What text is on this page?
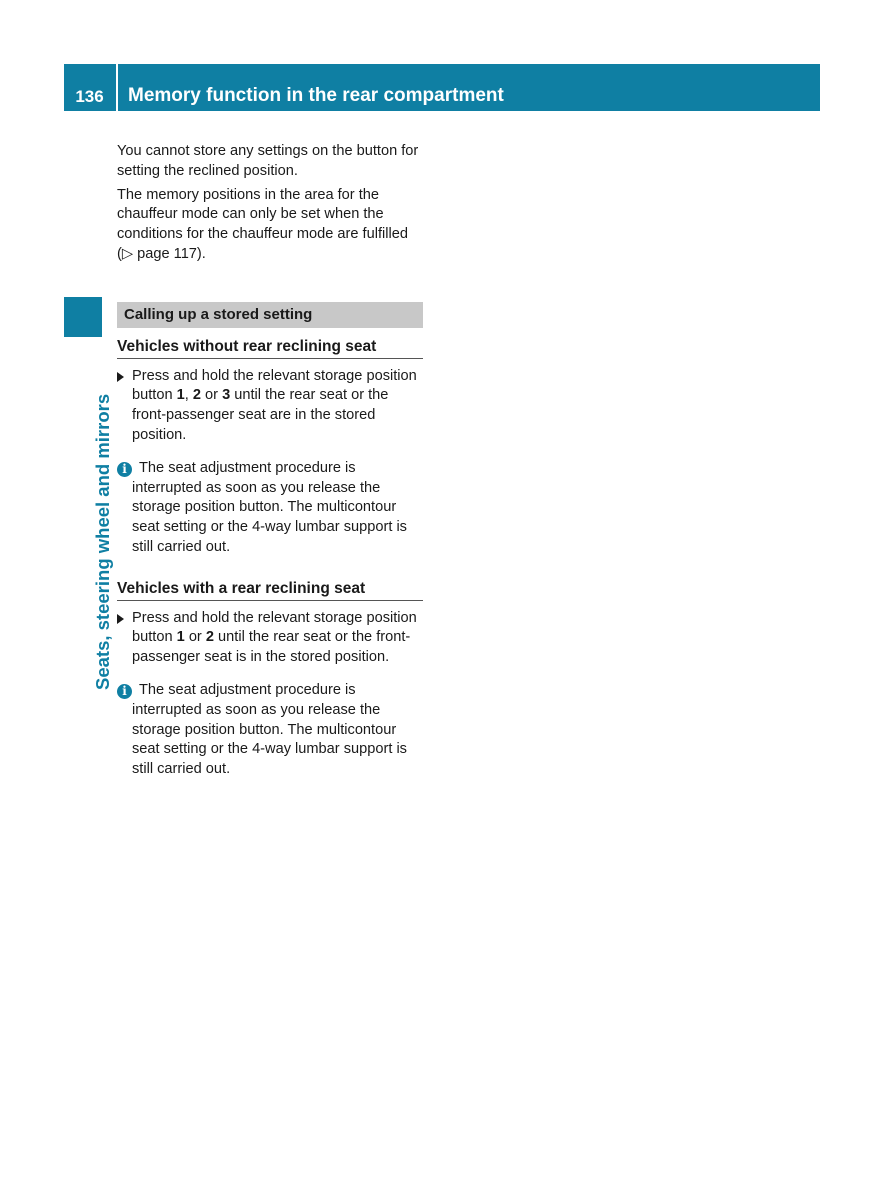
136	Memory function in the rear compartment
Seats, steering wheel and mirrors

You cannot store any settings on the button for setting the reclined position.

The memory positions in the area for the chauffeur mode can only be set when the conditions for the chauffeur mode are fulfilled (▷ page 117).

Calling up a stored setting
Vehicles without rear reclining seat
Press and hold the relevant storage position button 1, 2 or 3 until the rear seat or the front-passenger seat are in the stored position.
i The seat adjustment procedure is interrupted as soon as you release the storage position button. The multicontour seat setting or the 4-way lumbar support is still carried out.
Vehicles with a rear reclining seat
Press and hold the relevant storage position button 1 or 2 until the rear seat or the front-passenger seat is in the stored position.
i The seat adjustment procedure is interrupted as soon as you release the storage position button. The multicontour seat setting or the 4-way lumbar support is still carried out.
